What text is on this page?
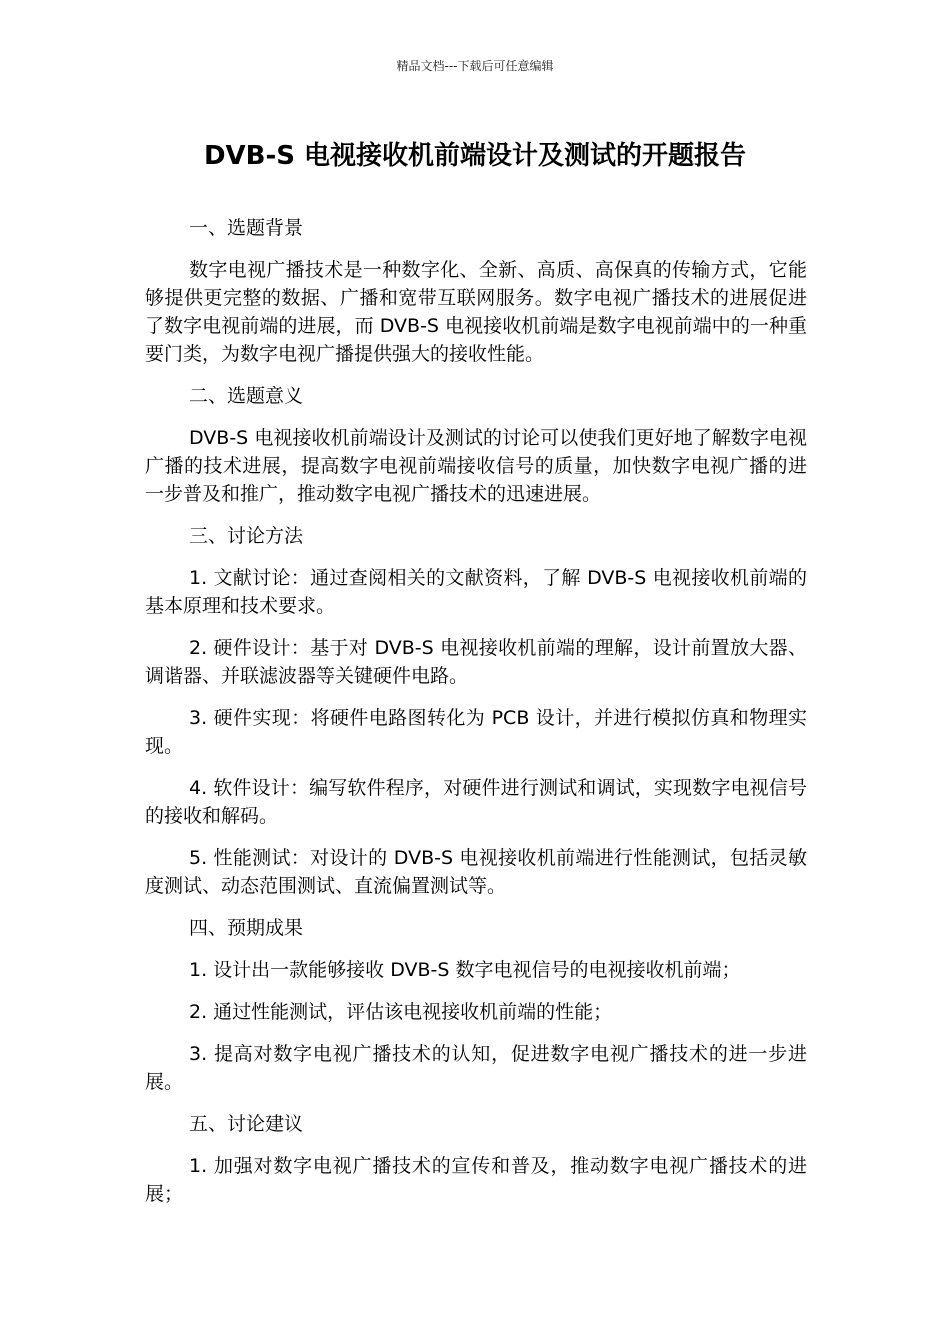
精品文档---下载后可任意编辑
DVB-S 电视接收机前端设计及测试的开题报告
一、选题背景

数字电视广播技术是一种数字化、全新、高质、高保真的传输方式，它能够提供更完整的数据、广播和宽带互联网服务。数字电视广播技术的进展促进了数字电视前端的进展，而 DVB-S 电视接收机前端是数字电视前端中的一种重要门类，为数字电视广播提供强大的接收性能。

二、选题意义

DVB-S 电视接收机前端设计及测试的讨论可以使我们更好地了解数字电视广播的技术进展，提高数字电视前端接收信号的质量，加快数字电视广播的进一步普及和推广，推动数字电视广播技术的迅速进展。

三、讨论方法

1. 文献讨论：通过查阅相关的文献资料，了解 DVB-S 电视接收机前端的基本原理和技术要求。

2. 硬件设计：基于对 DVB-S 电视接收机前端的理解，设计前置放大器、调谐器、并联滤波器等关键硬件电路。

3. 硬件实现：将硬件电路图转化为 PCB 设计，并进行模拟仿真和物理实现。

4. 软件设计：编写软件程序，对硬件进行测试和调试，实现数字电视信号的接收和解码。

5. 性能测试：对设计的 DVB-S 电视接收机前端进行性能测试，包括灵敏度测试、动态范围测试、直流偏置测试等。

四、预期成果

1. 设计出一款能够接收 DVB-S 数字电视信号的电视接收机前端；

2. 通过性能测试，评估该电视接收机前端的性能；

3. 提高对数字电视广播技术的认知，促进数字电视广播技术的进一步进展。

五、讨论建议

1. 加强对数字电视广播技术的宣传和普及，推动数字电视广播技术的进展；
